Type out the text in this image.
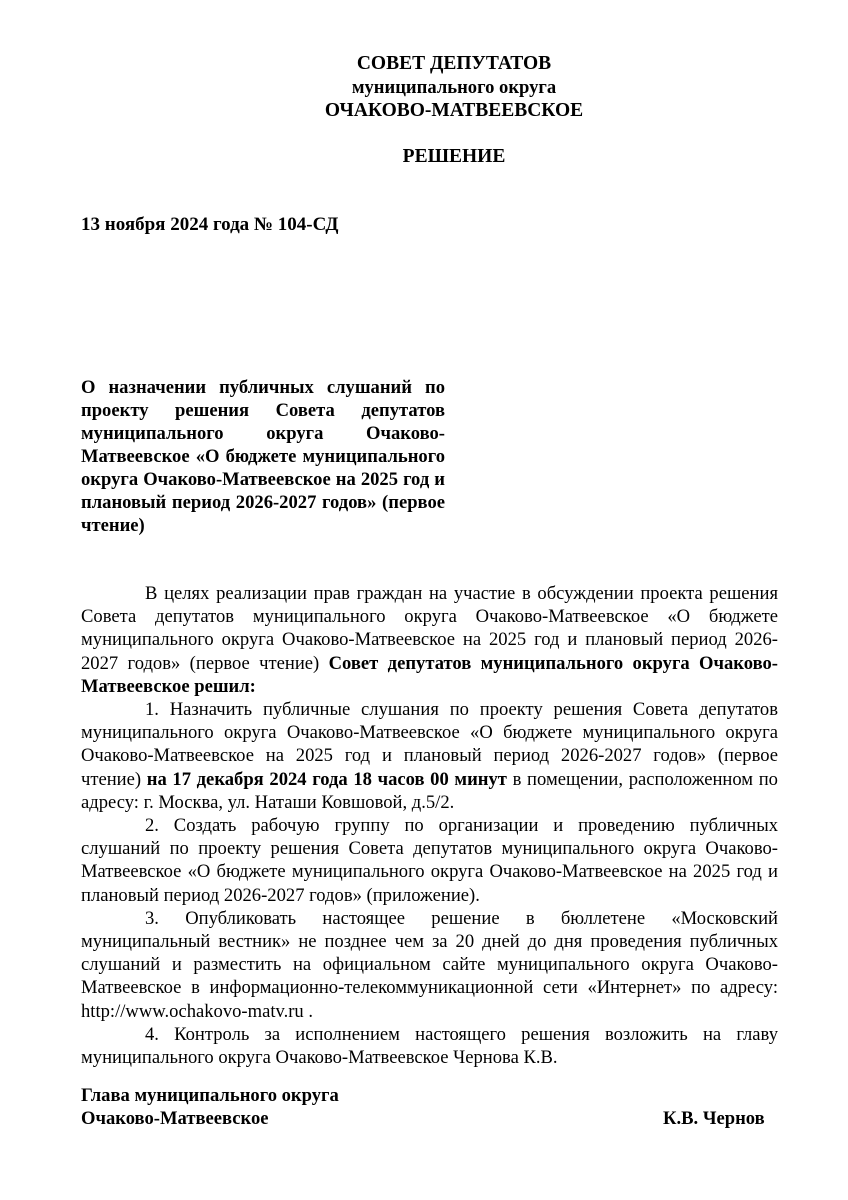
СОВЕТ ДЕПУТАТОВ
муниципального округа
ОЧАКОВО-МАТВЕЕВСКОЕ
РЕШЕНИЕ
13 ноября 2024 года № 104-СД
О назначении публичных слушаний по проекту решения Совета депутатов муниципального округа Очаково-Матвеевское «О бюджете муниципального округа Очаково-Матвеевское на 2025 год и плановый период 2026-2027 годов» (первое чтение)

В целях реализации прав граждан на участие в обсуждении проекта решения Совета депутатов муниципального округа Очаково-Матвеевское «О бюджете муниципального округа Очаково-Матвеевское на 2025 год и плановый период 2026-2027 годов» (первое чтение) Совет депутатов муниципального округа Очаково-Матвеевское решил:

1. Назначить публичные слушания по проекту решения Совета депутатов муниципального округа Очаково-Матвеевское «О бюджете муниципального округа Очаково-Матвеевское на 2025 год и плановый период 2026-2027 годов» (первое чтение) на 17 декабря 2024 года 18 часов 00 минут в помещении, расположенном по адресу: г. Москва, ул. Наташи Ковшовой, д.5/2.

2. Создать рабочую группу по организации и проведению публичных слушаний по проекту решения Совета депутатов муниципального округа Очаково-Матвеевское «О бюджете муниципального округа Очаково-Матвеевское на 2025 год и плановый период 2026-2027 годов» (приложение).

3. Опубликовать настоящее решение в бюллетене «Московский муниципальный вестник» не позднее чем за 20 дней до дня проведения публичных слушаний и разместить на официальном сайте муниципального округа Очаково-Матвеевское в информационно-телекоммуникационной сети «Интернет» по адресу: http://www.ochakovo-matv.ru .

4. Контроль за исполнением настоящего решения возложить на главу муниципального округа Очаково-Матвеевское Чернова К.В.

Глава муниципального округа
Очаково-Матвеевское	К.В. Чернов
